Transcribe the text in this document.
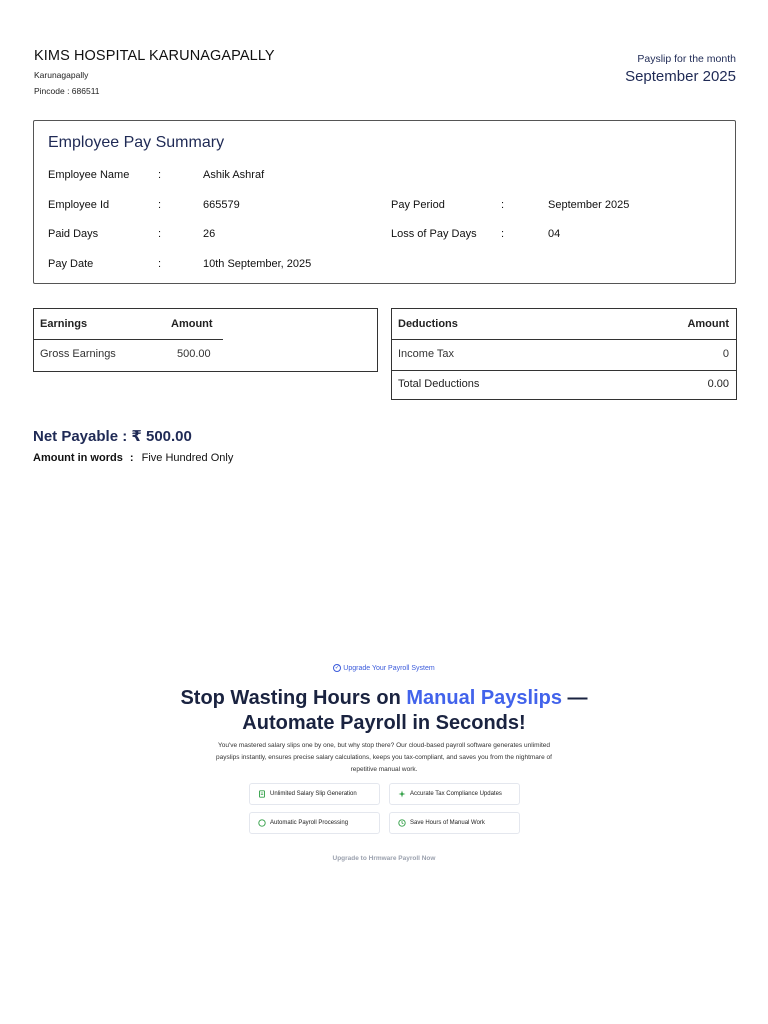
KIMS HOSPITAL KARUNAGAPALLY
Karunagapally
Pincode : 686511
Payslip for the month
September 2025
Employee Pay Summary
Employee Name	:	Ashik Ashraf
Employee Id	:	665579	Pay Period	:	September 2025
Paid Days	:	26	Loss of Pay Days :	04
Pay Date	:	10th September, 2025
Earnings	Amount
Gross Earnings	500.00
Deductions	Amount
Income Tax	0
Total Deductions	0.00
Net Payable : ₹ 500.00
Amount in words : Five Hundred Only
✓ Upgrade Your Payroll System
Stop Wasting Hours on Manual Payslips —
Automate Payroll in Seconds!
You've mastered salary slips one by one, but why stop there? Our cloud-based payroll software generates unlimited payslips instantly, ensures precise salary calculations, keeps you tax-compliant, and saves you from the nightmare of repetitive manual work.
Unlimited Salary Slip Generation	Accurate Tax Compliance Updates
Automatic Payroll Processing	Save Hours of Manual Work
Upgrade to Hrmware Payroll Now
